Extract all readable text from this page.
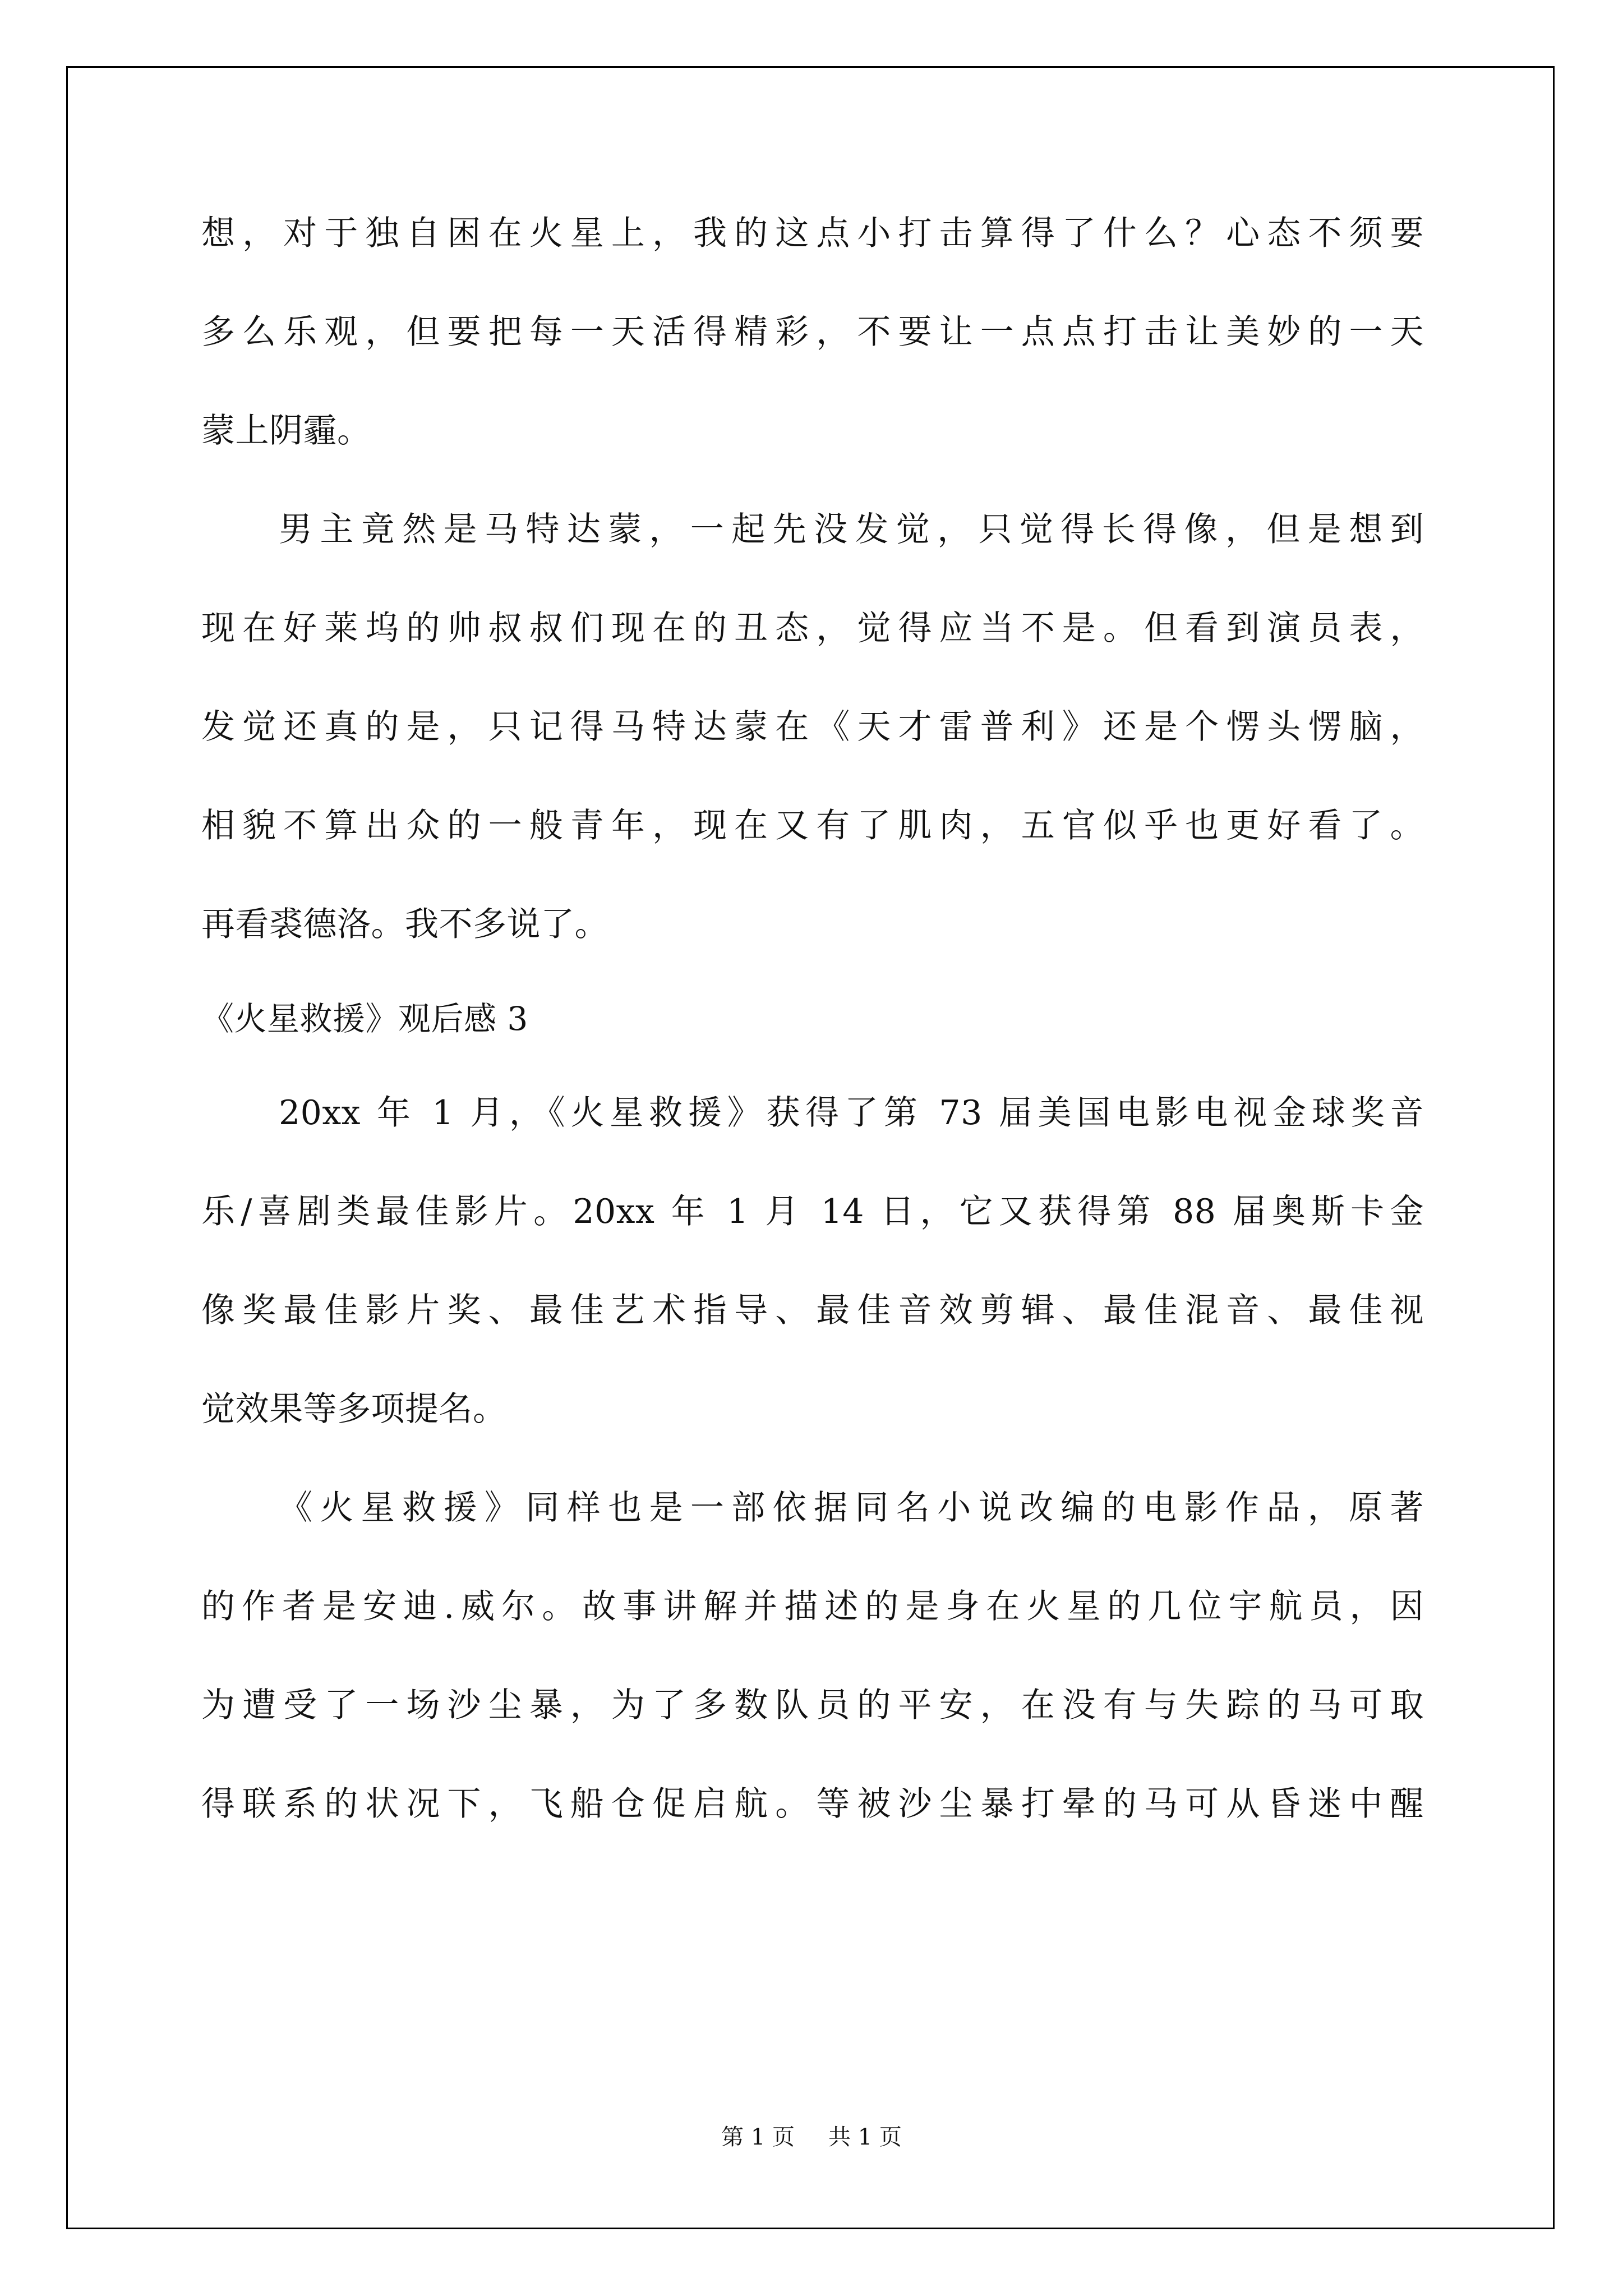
想，对于独自困在火星上，我的这点小打击算得了什么？心态不须要
多么乐观，但要把每一天活得精彩，不要让一点点打击让美妙的一天
蒙上阴霾。
男主竟然是马特达蒙，一起先没发觉，只觉得长得像，但是想到
现在好莱坞的帅叔叔们现在的丑态，觉得应当不是。但看到演员表，
发觉还真的是，只记得马特达蒙在《天才雷普利》还是个愣头愣脑，
相貌不算出众的一般青年，现在又有了肌肉，五官似乎也更好看了。
再看裘德洛。我不多说了。
《火星救援》观后感 3
20xx 年 1 月，《火星救援》获得了第 73 届美国电影电视金球奖音
乐/喜剧类最佳影片。20xx 年 1 月 14 日，它又获得第 88 届奥斯卡金
像奖最佳影片奖、最佳艺术指导、最佳音效剪辑、最佳混音、最佳视
觉效果等多项提名。
《火星救援》同样也是一部依据同名小说改编的电影作品，原著
的作者是安迪.威尔。故事讲解并描述的是身在火星的几位宇航员，因
为遭受了一场沙尘暴，为了多数队员的平安，在没有与失踪的马可取
得联系的状况下，飞船仓促启航。等被沙尘暴打晕的马可从昏迷中醒
第 1 页 共 1 页
